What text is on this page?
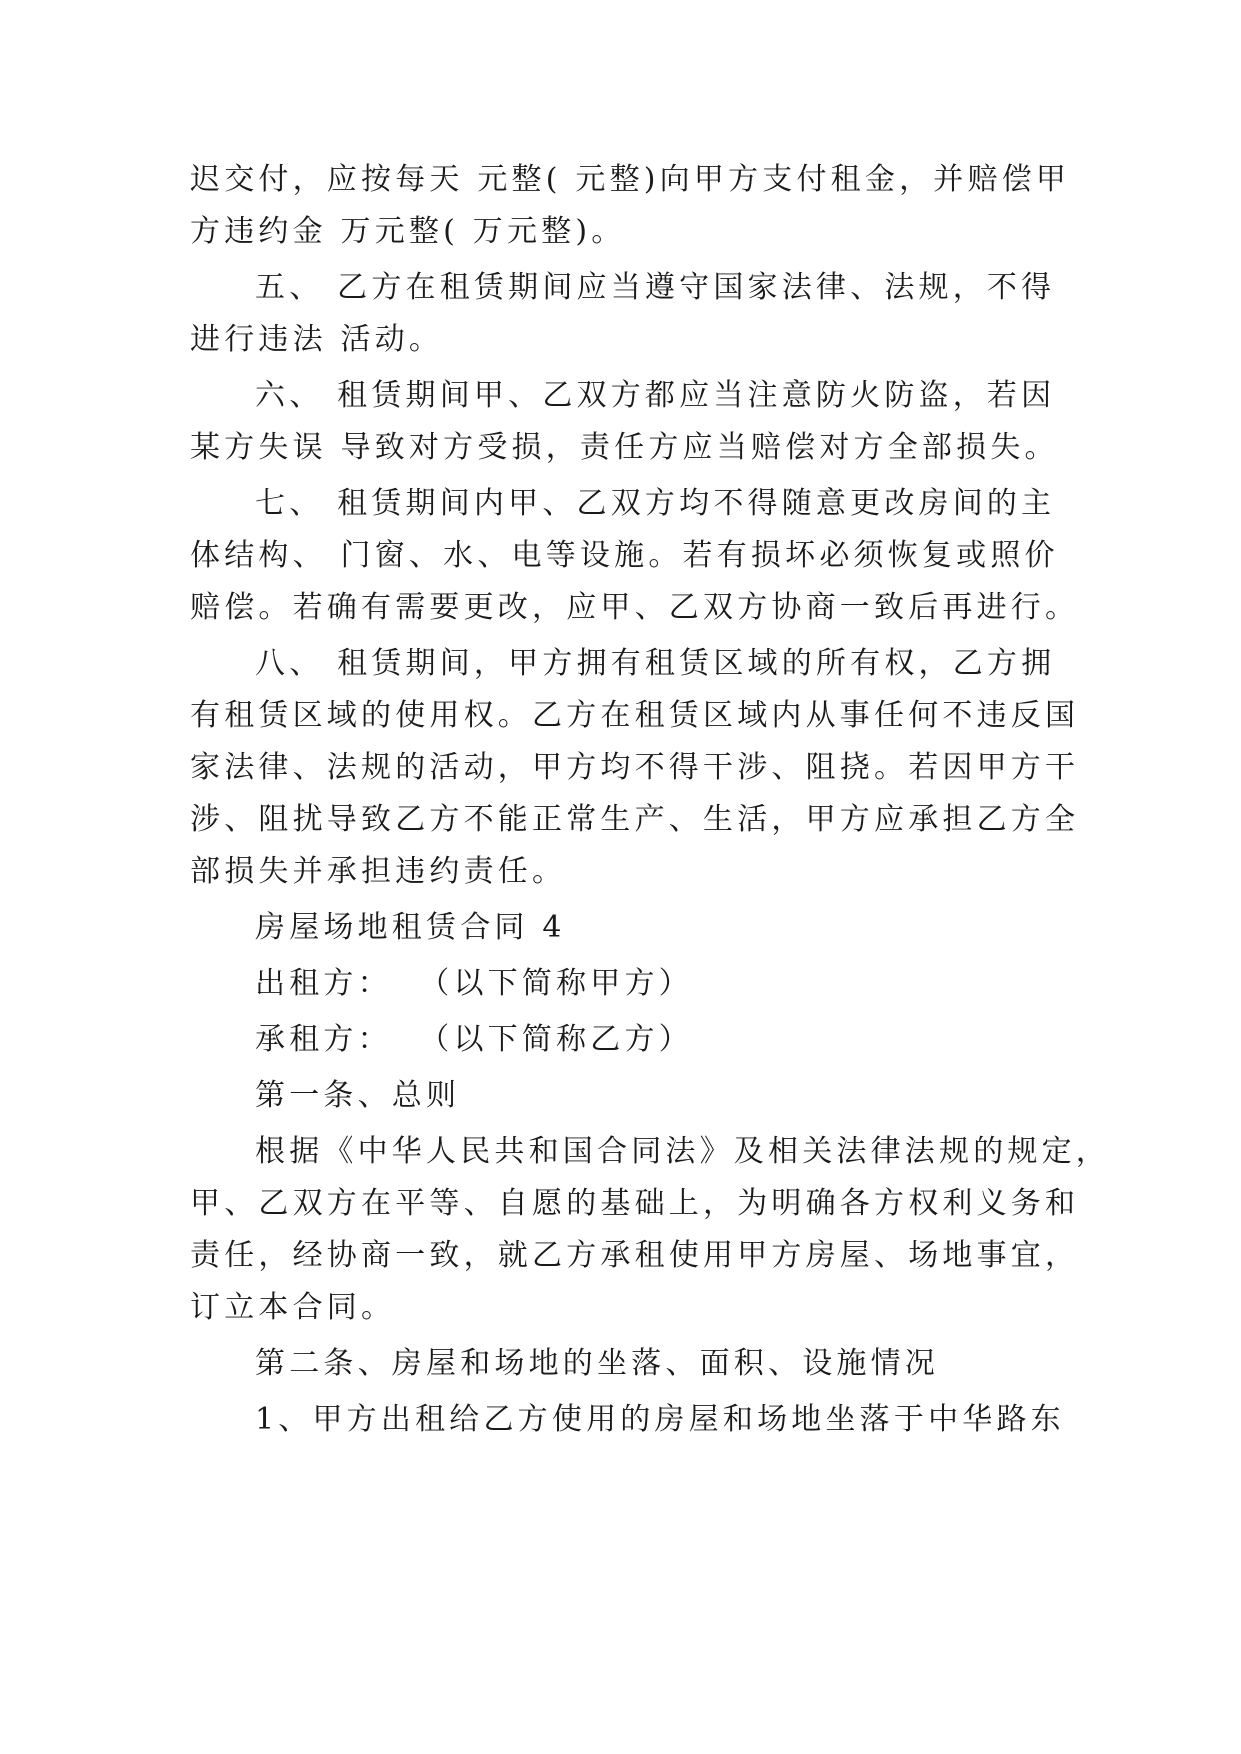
迟交付，应按每天 元整( 元整)向甲方支付租金，并赔偿甲
方违约金 万元整( 万元整)。
五、 乙方在租赁期间应当遵守国家法律、法规，不得
进行违法 活动。
六、 租赁期间甲、乙双方都应当注意防火防盗，若因
某方失误 导致对方受损，责任方应当赔偿对方全部损失。
七、 租赁期间内甲、乙双方均不得随意更改房间的主
体结构、 门窗、水、电等设施。若有损坏必须恢复或照价
赔偿。若确有需要更改，应甲、乙双方协商一致后再进行。
八、 租赁期间，甲方拥有租赁区域的所有权，乙方拥
有租赁区域的使用权。乙方在租赁区域内从事任何不违反国
家法律、法规的活动，甲方均不得干涉、阻挠。若因甲方干
涉、阻扰导致乙方不能正常生产、生活，甲方应承担乙方全
部损失并承担违约责任。
房屋场地租赁合同 4
出租方：  （以下简称甲方）
承租方：  （以下简称乙方）
第一条、总则
根据《中华人民共和国合同法》及相关法律法规的规定，
甲、乙双方在平等、自愿的基础上，为明确各方权利义务和
责任，经协商一致，就乙方承租使用甲方房屋、场地事宜，
订立本合同。
第二条、房屋和场地的坐落、面积、设施情况
1、甲方出租给乙方使用的房屋和场地坐落于中华路东
